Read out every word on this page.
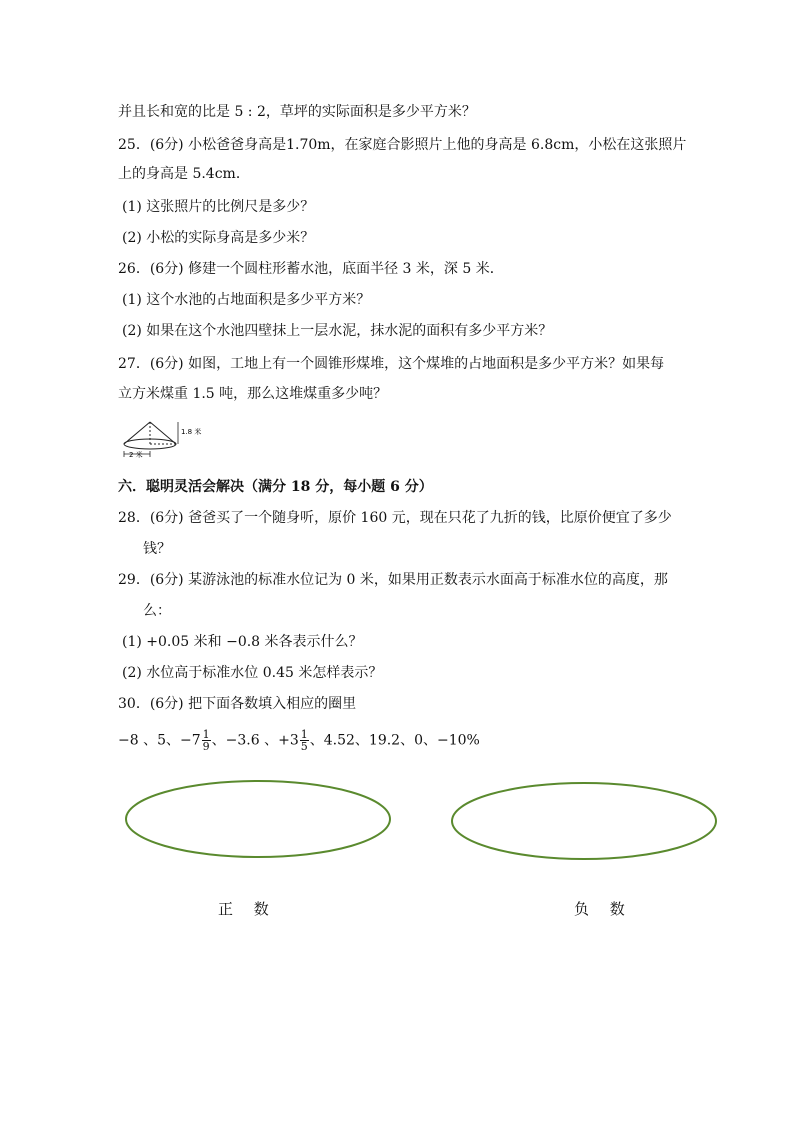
并且长和宽的比是 5 : 2，草坪的实际面积是多少平方米？
25．(6分) 小松爸爸身高是1.70m，在家庭合影照片上他的身高是 6.8cm，小松在这张照片
上的身高是 5.4cm．
(1) 这张照片的比例尺是多少？
(2) 小松的实际身高是多少米？
26．(6分) 修建一个圆柱形蓄水池，底面半径 3 米，深 5 米．
(1) 这个水池的占地面积是多少平方米？
(2) 如果在这个水池四壁抹上一层水泥，抹水泥的面积有多少平方米？
27．(6分) 如图，工地上有一个圆锥形煤堆，这个煤堆的占地面积是多少平方米？如果每
立方米煤重 1.5 吨，那么这堆煤重多少吨？
2 米
1.8 米
六．聪明灵活会解决（满分 18 分，每小题 6 分）
28．(6分) 爸爸买了一个随身听，原价 160 元，现在只花了九折的钱，比原价便宜了多少
钱？
29．(6分) 某游泳池的标准水位记为 0 米，如果用正数表示水面高于标准水位的高度，那
么：
(1) +0.05 米和 −0.8 米各表示什么？
(2) 水位高于标准水位 0.45 米怎样表示？
30．(6分) 把下面各数填入相应的圈里
−8 、5、$-7 \frac{1}{9}$ 、−3.6 、$+3 \frac{1}{5}$ 、4.52、19.2、0、−10%
正 数	负 数
